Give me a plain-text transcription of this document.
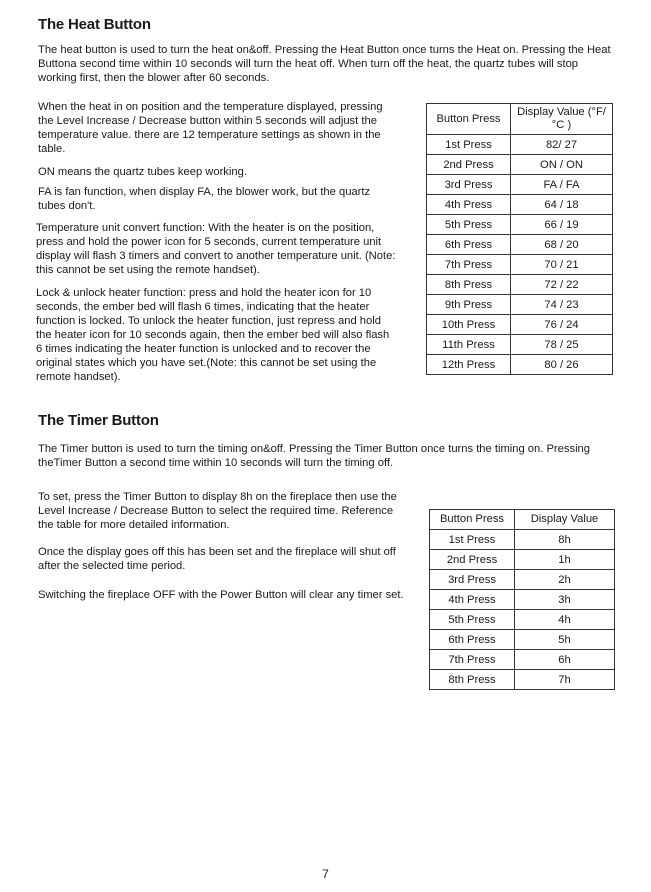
The Heat Button

The heat button is used to turn the heat on&off. Pressing the Heat Button once turns the Heat on. Pressing the Heat Buttona second time within 10 seconds will turn the heat off. When turn off the heat, the quartz tubes will stop working first, then the blower after 60 seconds.

When the heat in on position and the temperature displayed, pressing the Level Increase / Decrease button within 5 seconds will adjust the temperature value. there are 12 temperature settings as shown in the table.

ON means the quartz tubes keep working.

FA is fan function, when display FA, the blower work, but the quartz tubes don't.

Temperature unit convert function: With the heater is on the position, press and hold the power icon for 5 seconds, current temperature unit display will flash 3 timers and convert to another temperature unit. (Note: this cannot be set using the remote handset).

Lock & unlock heater function: press and hold the heater icon for 10 seconds, the ember bed will flash 6 times, indicating that the heater function is locked. To unlock the heater function, just repress and hold the heater icon for 10 seconds again, then the ember bed will also flash 6 times indicating the heater function is unlocked and to recover the original states which you have set.(Note: this cannot be set using the remote handset).

Button Press	Display Value (°F/°C )
1st Press	82/ 27
2nd Press	ON / ON
3rd Press	FA / FA
4th Press	64 / 18
5th Press	66 / 19
6th Press	68 / 20
7th Press	70 / 21
8th Press	72 / 22
9th Press	74 / 23
10th Press	76 / 24
11th Press	78 / 25
12th Press	80 / 26
The Timer Button

The Timer button is used to turn the timing on&off. Pressing the Timer Button once turns the timing on. Pressing theTimer Button a second time within 10 seconds will turn the timing off.

To set, press the Timer Button to display 8h on the fireplace then use the Level Increase / Decrease Button to select the required time. Reference the table for more detailed information.

Once the display goes off this has been set and the fireplace will shut off after the selected time period.

Switching the fireplace OFF with the Power Button will clear any timer set.

Button Press	Display Value
1st Press	8h
2nd Press	1h
3rd Press	2h
4th Press	3h
5th Press	4h
6th Press	5h
7th Press	6h
8th Press	7h
7
